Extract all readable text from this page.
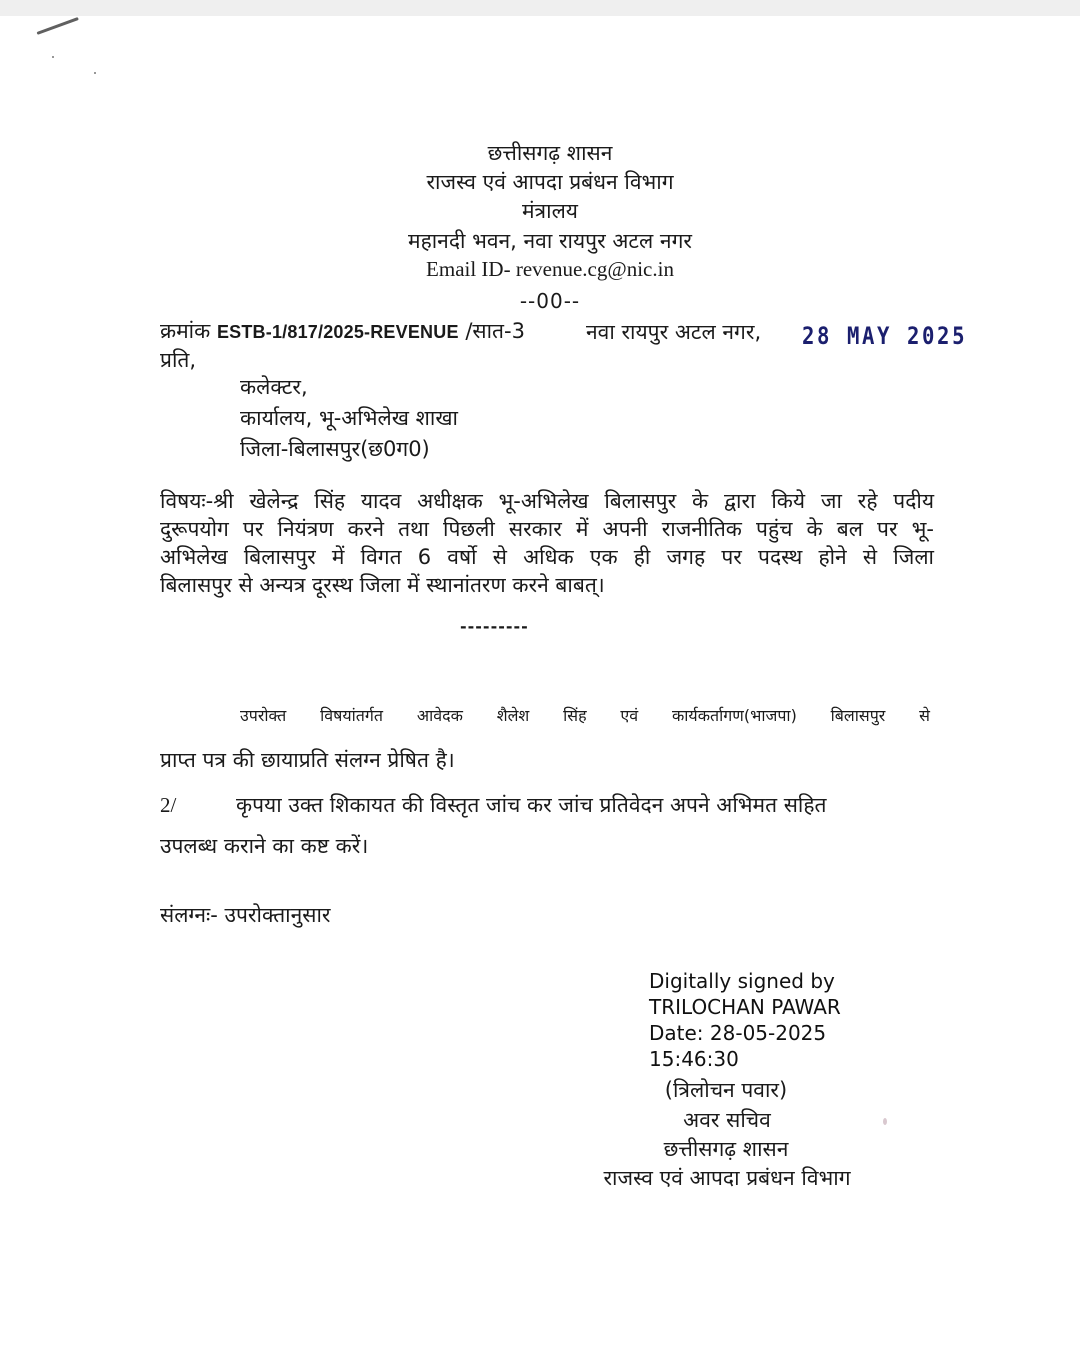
छत्तीसगढ़ शासन
राजस्व एवं आपदा प्रबंधन विभाग
मंत्रालय
महानदी भवन, नवा रायपुर अटल नगर
Email ID- revenue.cg@nic.in
--00--
क्रमांक ESTB-1/817/2025-REVENUE /सात-3	नवा रायपुर अटल नगर, 28 MAY 2025
प्रति,
कलेक्टर,
कार्यालय, भू-अभिलेख शाखा
जिला-बिलासपुर(छ0ग0)
विषयः-श्री खेलेन्द्र सिंह यादव अधीक्षक भू-अभिलेख बिलासपुर के द्वारा किये जा रहे पदीय
दुरूपयोग पर नियंत्रण करने तथा पिछली सरकार में अपनी राजनीतिक पहुंच के बल पर भू-
अभिलेख बिलासपुर में विगत 6 वर्षो से अधिक एक ही जगह पर पदस्थ होने से जिला
बिलासपुर से अन्यत्र दूरस्थ जिला में स्थानांतरण करने बाबत्।
---------
उपरोक्त विषयांतर्गत आवेदक शैलेश सिंह एवं कार्यकर्तागण(भाजपा) बिलासपुर से
प्राप्त पत्र की छायाप्रति संलग्न प्रेषित है।
2/	कृपया उक्त शिकायत की विस्तृत जांच कर जांच प्रतिवेदन अपने अभिमत सहित
उपलब्ध कराने का कष्ट करें।
संलग्नः- उपरोक्तानुसार
Digitally signed by
TRILOCHAN PAWAR
Date: 28-05-2025
15:46:30
(त्रिलोचन पवार)
अवर सचिव
छत्तीसगढ़ शासन
राजस्व एवं आपदा प्रबंधन विभाग
